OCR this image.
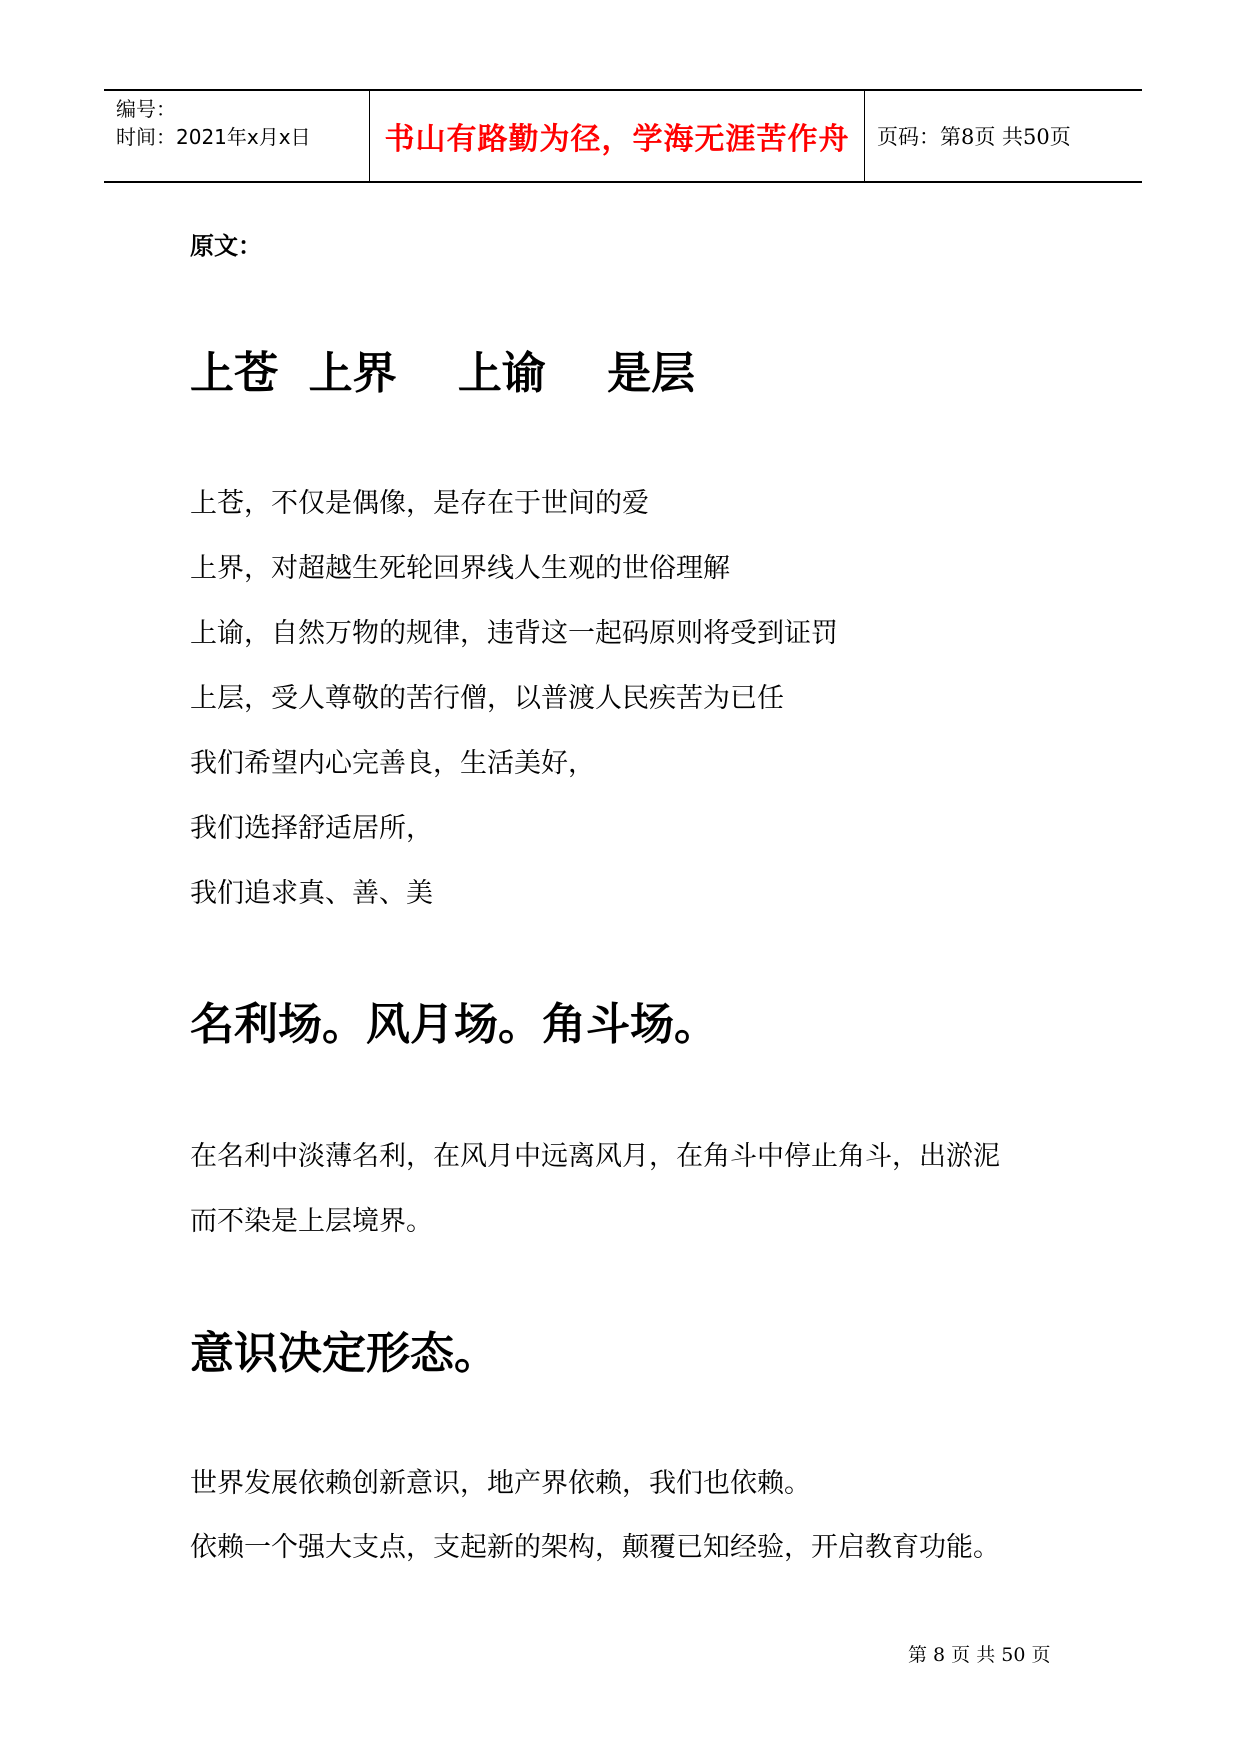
编号：
时间：2021年x月x日	书山有路勤为径，学海无涯苦作舟 页码：第8页 共50页
原文：
上苍  上界    上谕    是层
上苍，不仅是偶像，是存在于世间的爱
上界，对超越生死轮回界线人生观的世俗理解
上谕，自然万物的规律，违背这一起码原则将受到证罚
上层，受人尊敬的苦行僧，以普渡人民疾苦为已任
我们希望内心完善良，生活美好，
我们选择舒适居所，
我们追求真、善、美
名利场。风月场。角斗场。
在名利中淡薄名利，在风月中远离风月，在角斗中停止角斗，出淤泥
而不染是上层境界。
意识决定形态。
世界发展依赖创新意识，地产界依赖，我们也依赖。
依赖一个强大支点，支起新的架构，颠覆已知经验，开启教育功能。
第 8 页 共 50 页
